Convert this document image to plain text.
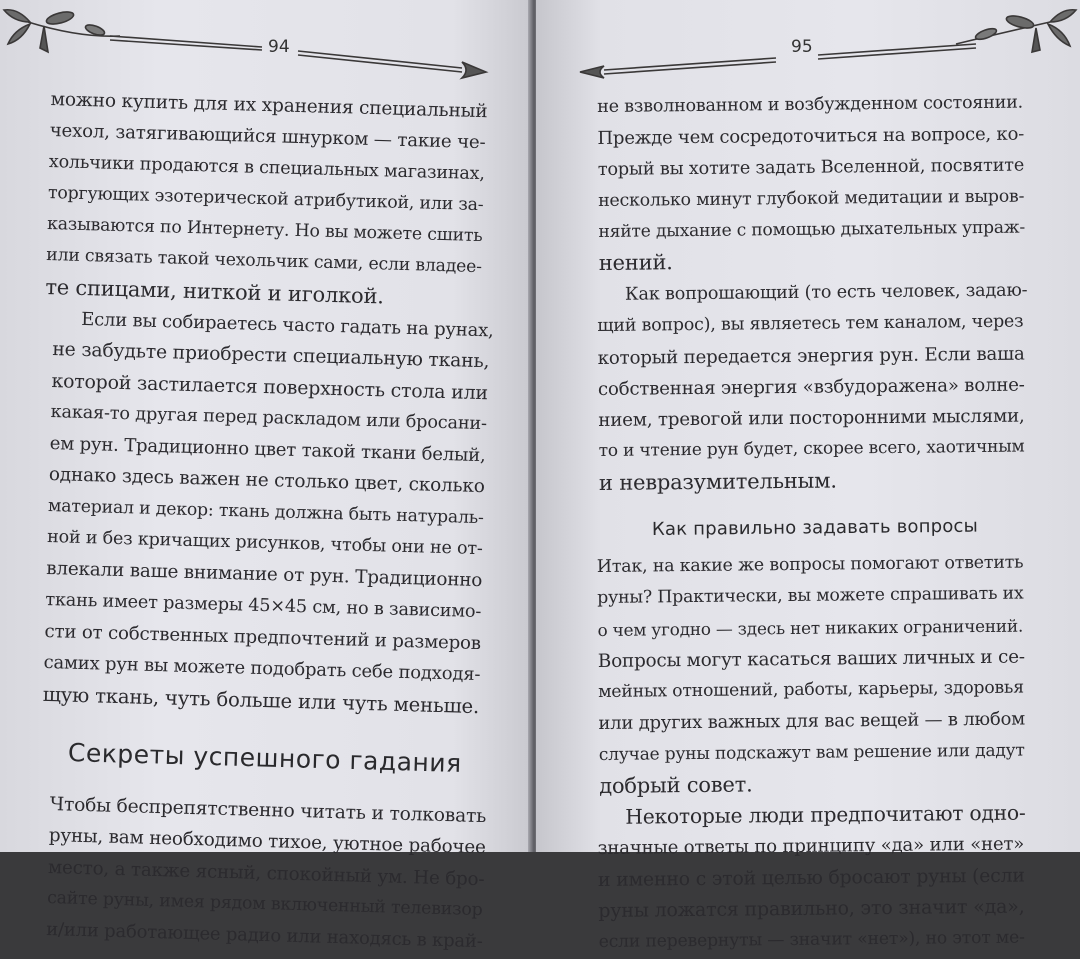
94
можно купить для их хранения специальный
чехол, затягивающийся шнурком — такие че-
хольчики продаются в специальных магазинах,
торгующих эзотерической атрибутикой, или за-
казываются по Интернету. Но вы можете сшить
или связать такой чехольчик сами, если владее-
те спицами, ниткой и иголкой.
Если вы собираетесь часто гадать на рунах,
не забудьте приобрести специальную ткань,
которой застилается поверхность стола или
какая-то другая перед раскладом или бросани-
ем рун. Традиционно цвет такой ткани белый,
однако здесь важен не столько цвет, сколько
материал и декор: ткань должна быть натураль-
ной и без кричащих рисунков, чтобы они не от-
влекали ваше внимание от рун. Традиционно
ткань имеет размеры 45×45 см, но в зависимо-
сти от собственных предпочтений и размеров
самих рун вы можете подобрать себе подходя-
щую ткань, чуть больше или чуть меньше.
Секреты успешного гадания
Чтобы беспрепятственно читать и толковать
руны, вам необходимо тихое, уютное рабочее
место, а также ясный, спокойный ум. Не бро-
сайте руны, имея рядом включенный телевизор
и/или работающее радио или находясь в край-
95
не взволнованном и возбужденном состоянии.
Прежде чем сосредоточиться на вопросе, ко-
торый вы хотите задать Вселенной, посвятите
несколько минут глубокой медитации и выров-
няйте дыхание с помощью дыхательных упраж-
нений.
Как вопрошающий (то есть человек, задаю-
щий вопрос), вы являетесь тем каналом, через
который передается энергия рун. Если ваша
собственная энергия «взбудоражена» волне-
нием, тревогой или посторонними мыслями,
то и чтение рун будет, скорее всего, хаотичным
и невразумительным.
Как правильно задавать вопросы
Итак, на какие же вопросы помогают ответить
руны? Практически, вы можете спрашивать их
о чем угодно — здесь нет никаких ограничений.
Вопросы могут касаться ваших личных и се-
мейных отношений, работы, карьеры, здоровья
или других важных для вас вещей — в любом
случае руны подскажут вам решение или дадут
добрый совет.
Некоторые люди предпочитают одно-
значные ответы по принципу «да» или «нет»
и именно с этой целью бросают руны (если
руны ложатся правильно, это значит «да»,
если перевернуты — значит «нет»), но этот ме-
